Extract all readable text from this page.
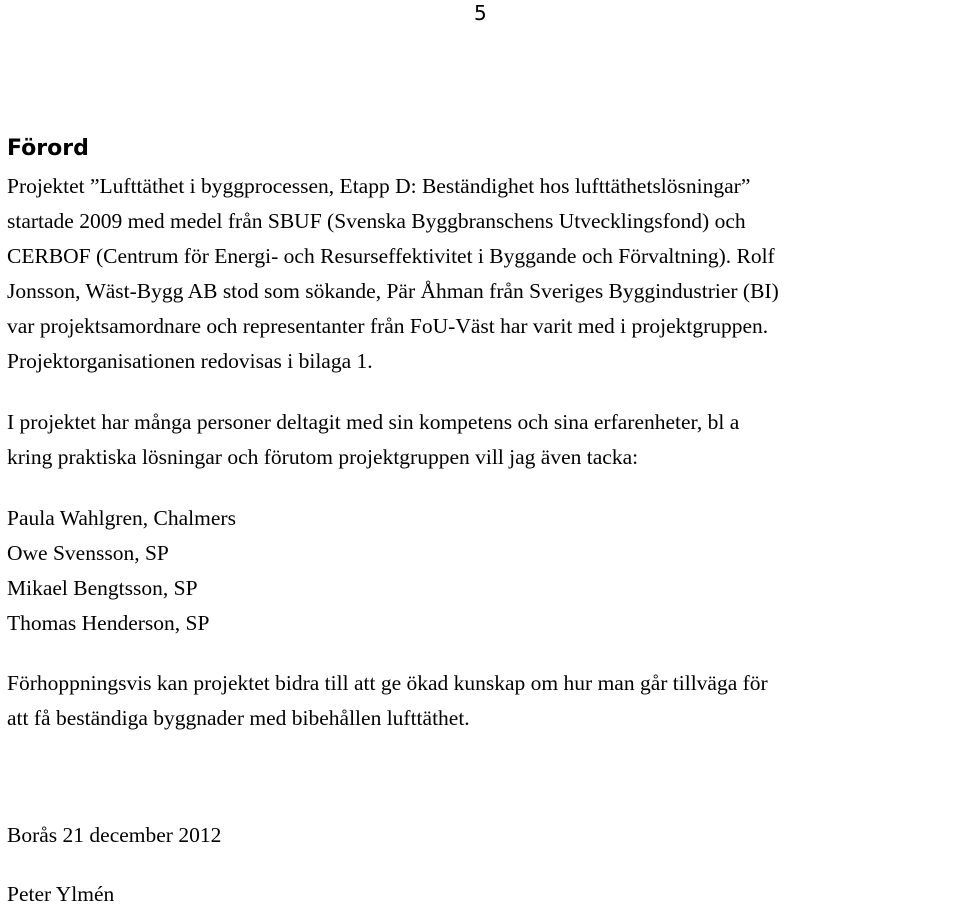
5
Förord

Projektet ”Lufttäthet i byggprocessen, Etapp D: Beständighet hos lufttäthetslösningar”
startade 2009 med medel från SBUF (Svenska Byggbranschens Utvecklingsfond) och
CERBOF (Centrum för Energi- och Resurseffektivitet i Byggande och Förvaltning). Rolf
Jonsson, Wäst-Bygg AB stod som sökande, Pär Åhman från Sveriges Byggindustrier (BI)
var projektsamordnare och representanter från FoU-Väst har varit med i projektgruppen.
Projektorganisationen redovisas i bilaga 1.

I projektet har många personer deltagit med sin kompetens och sina erfarenheter, bl a
kring praktiska lösningar och förutom projektgruppen vill jag även tacka:

Paula Wahlgren, Chalmers
Owe Svensson, SP
Mikael Bengtsson, SP
Thomas Henderson, SP

Förhoppningsvis kan projektet bidra till att ge ökad kunskap om hur man går tillväga för
att få beständiga byggnader med bibehållen lufttäthet.

Borås 21 december 2012

Peter Ylmén
